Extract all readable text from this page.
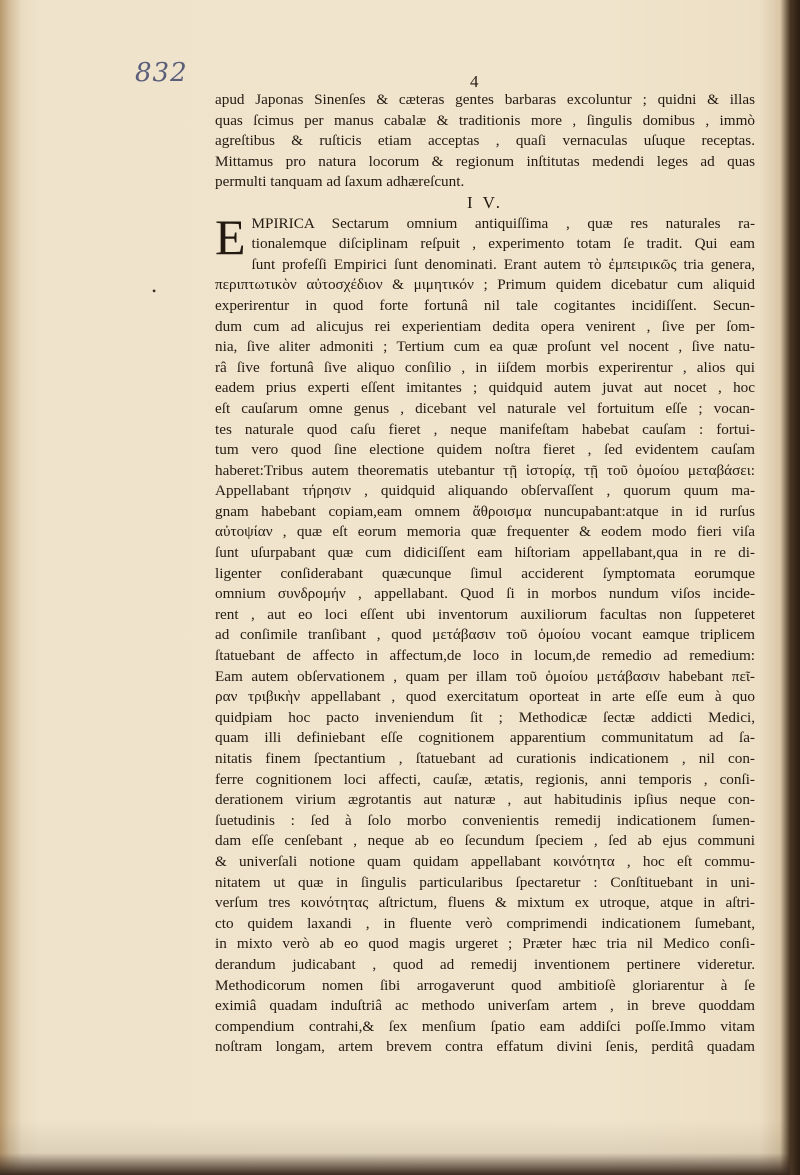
832	4
•
apud Japonas Sinenſes & cæteras gentes barbaras excoluntur ; quidni & illas
quas ſcimus per manus cabalæ & traditionis more , ſingulis domibus , immò
agreſtibus & ruſticis etiam acceptas , quaſi vernaculas uſuque receptas.
Mittamus pro natura locorum & regionum inſtitutas medendi leges ad quas
permulti tanquam ad ſaxum adhæreſcunt.
I V.
E MPIRICA Sectarum omnium antiquiſſima , quæ res naturales ra-
tionalemque diſciplinam reſpuit , experimento totam ſe tradit. Qui eam
ſunt profeſſi Empirici ſunt denominati. Erant autem τὸ ἐμπειρικῶς tria genera,
περιπτωτικὸν αὐτοσχέδιον & μιμητικόν ; Primum quidem dicebatur cum aliquid
experirentur in quod forte fortunâ nil tale cogitantes incidiſſent. Secun-
dum cum ad alicujus rei experientiam dedita opera venirent , ſive per ſom-
nia, ſive aliter admoniti ; Tertium cum ea quæ proſunt vel nocent , ſive natu-
râ ſive fortunâ ſive aliquo conſilio , in iiſdem morbis experirentur , alios qui
eadem prius experti eſſent imitantes ; quidquid autem juvat aut nocet , hoc
eſt cauſarum omne genus , dicebant vel naturale vel fortuitum eſſe ; vocan-
tes naturale quod caſu fieret , neque manifeſtam habebat cauſam : fortui-
tum vero quod ſine electione quidem noſtra fieret , ſed evidentem cauſam
haberet:Tribus autem theorematis utebantur τῇ ἱστορίᾳ, τῇ τοῦ ὁμοίου μεταβάσει:
Appellabant τήρησιν , quidquid aliquando obſervaſſent , quorum quum ma-
gnam habebant copiam,eam omnem ἄθροισμα nuncupabant:atque in id rurſus
αὐτοψίαν , quæ eſt eorum memoria quæ frequenter & eodem modo fieri viſa
ſunt uſurpabant quæ cum didiciſſent eam hiſtoriam appellabant,qua in re di-
ligenter conſiderabant quæcunque ſimul acciderent ſymptomata eorumque
omnium συνδρομήν , appellabant. Quod ſi in morbos nundum viſos incide-
rent , aut eo loci eſſent ubi inventorum auxiliorum facultas non ſuppeteret
ad conſimile tranſibant , quod μετάβασιν τοῦ ὁμοίου vocant eamque triplicem
ſtatuebant de affecto in affectum,de loco in locum,de remedio ad remedium:
Eam autem obſervationem , quam per illam τοῦ ὁμοίου μετάβασιν habebant πεῖ-
ραν τριβικὴν appellabant , quod exercitatum oporteat in arte eſſe eum à quo
quidpiam hoc pacto inveniendum ſit ; Methodicæ ſectæ addicti Medici,
quam illi definiebant eſſe cognitionem apparentium communitatum ad ſa-
nitatis finem ſpectantium , ſtatuebant ad curationis indicationem , nil con-
ferre cognitionem loci affecti, cauſæ, ætatis, regionis, anni temporis , conſi-
derationem virium ægrotantis aut naturæ , aut habitudinis ipſius neque con-
ſuetudinis : ſed à ſolo morbo convenientis remedij indicationem ſumen-
dam eſſe cenſebant , neque ab eo ſecundum ſpeciem , ſed ab ejus communi
& univerſali notione quam quidam appellabant κοινότητα , hoc eſt commu-
nitatem ut quæ in ſingulis particularibus ſpectaretur : Conſtituebant in uni-
verſum tres κοινότητας aſtrictum, fluens & mixtum ex utroque, atque in aſtri-
cto quidem laxandi , in fluente verò comprimendi indicationem ſumebant,
in mixto verò ab eo quod magis urgeret ; Præter hæc tria nil Medico conſi-
derandum judicabant , quod ad remedij inventionem pertinere videretur.
Methodicorum nomen ſibi arrogaverunt quod ambitioſè gloriarentur à ſe
eximiâ quadam induſtriâ ac methodo univerſam artem , in breve quoddam
compendium contrahi,& ſex menſium ſpatio eam addiſci poſſe.Immo vitam
noſtram longam, artem brevem contra effatum divini ſenis, perditâ quadam
